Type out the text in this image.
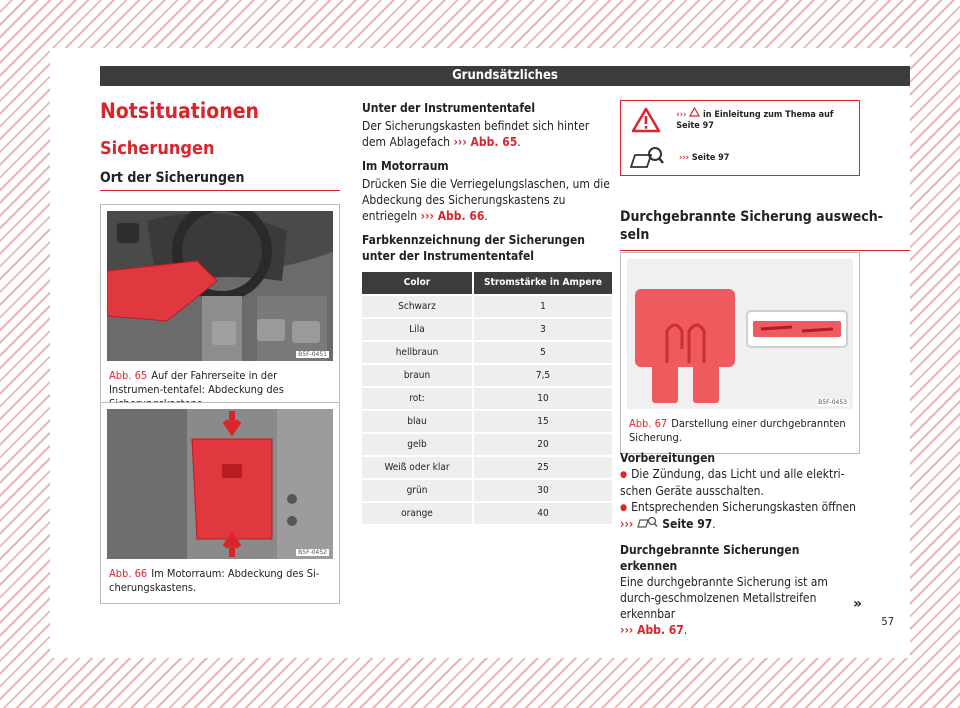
Grundsätzliches
Notsituationen
Sicherungen
Ort der Sicherungen
B5F-0451
Abb. 65 Auf der Fahrerseite in der Instrumen-tentafel: Abdeckung des
B5F-0452
Abb. 66 Im Motorraum: Abdeckung des Si-cherungskastens.
Unter der Instrumententafel

Der Sicherungskasten befindet sich hinter dem Ablagefach ››› Abb. 65.

Im Motorraum

Drücken Sie die Verriegelungslaschen, um die Abdeckung des Sicherungskastens zu entriegeln ››› Abb. 66.

Farbkennzeichnung der Sicherungen unter der Instrumententafel
Color	Stromstärke in Ampere
Schwarz	1
Lila	3
hellbraun	5
braun	7,5
rot:	10
blau	15
gelb	20
Weiß oder klar	25
grün	30
orange	40
››› in Einleitung zum Thema auf Seite 97
››› Seite 97
Durchgebrannte Sicherung auswech-seln
B5F-0453
Abb. 67 Darstellung einer durchgebrannten Sicherung.
Vorbereitungen
● Die Zündung, das Licht und alle elektri-schen Geräte ausschalten.
● Entsprechenden Sicherungskasten öffnen
››› Seite 97.
Durchgebrannte Sicherungen erkennen

Eine durchgebrannte Sicherung ist am durch-geschmolzenen Metallstreifen erkennbar
››› Abb. 67.

»
57
